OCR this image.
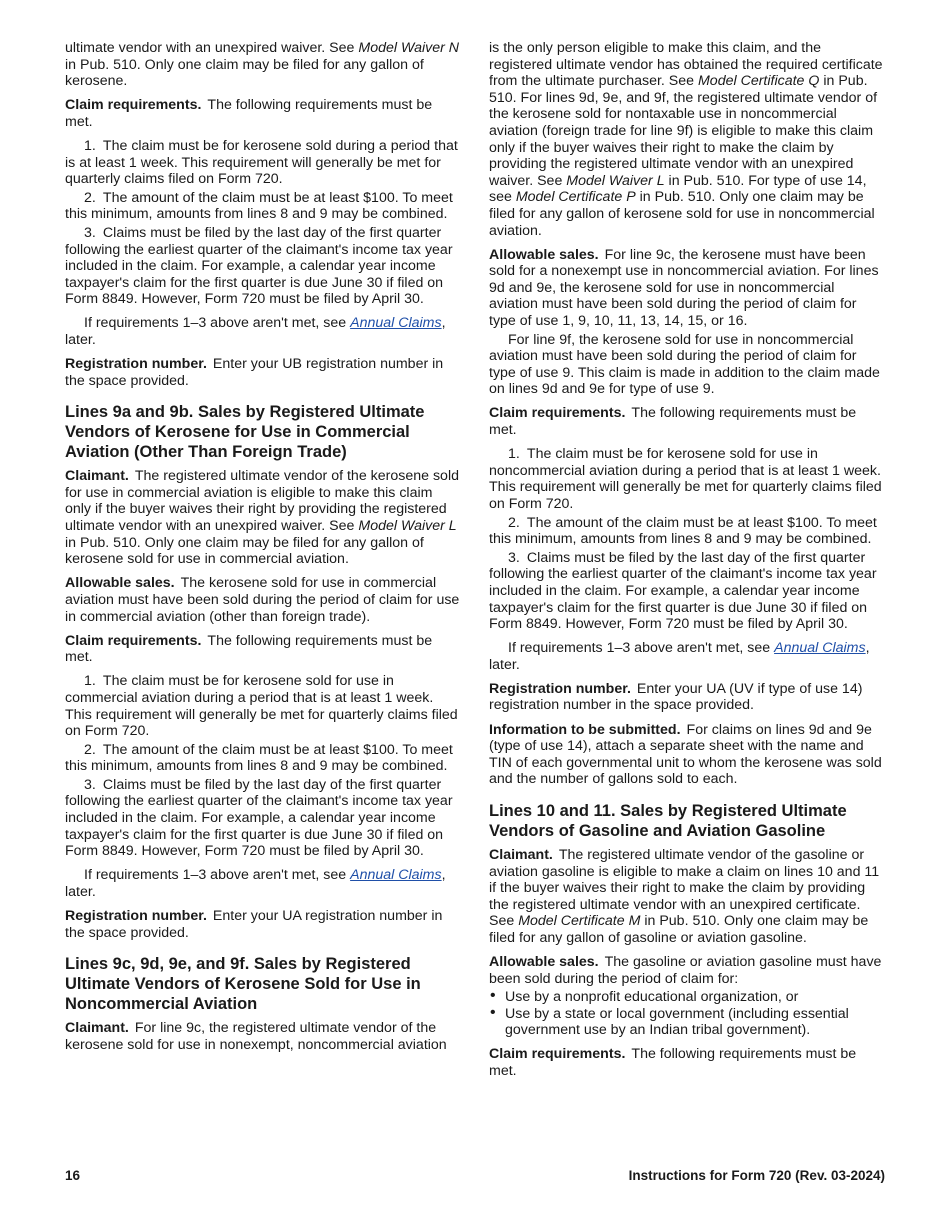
ultimate vendor with an unexpired waiver. See Model Waiver N in Pub. 510. Only one claim may be filed for any gallon of kerosene.

Claim requirements. The following requirements must be met.

1. The claim must be for kerosene sold during a period that is at least 1 week. This requirement will generally be met for quarterly claims filed on Form 720.

2. The amount of the claim must be at least $100. To meet this minimum, amounts from lines 8 and 9 may be combined.

3. Claims must be filed by the last day of the first quarter following the earliest quarter of the claimant's income tax year included in the claim. For example, a calendar year income taxpayer's claim for the first quarter is due June 30 if filed on Form 8849. However, Form 720 must be filed by April 30.

If requirements 1–3 above aren't met, see Annual Claims, later.

Registration number. Enter your UB registration number in the space provided.

Lines 9a and 9b. Sales by Registered Ultimate Vendors of Kerosene for Use in Commercial Aviation (Other Than Foreign Trade)

Claimant. The registered ultimate vendor of the kerosene sold for use in commercial aviation is eligible to make this claim only if the buyer waives their right by providing the registered ultimate vendor with an unexpired waiver. See Model Waiver L in Pub. 510. Only one claim may be filed for any gallon of kerosene sold for use in commercial aviation.

Allowable sales. The kerosene sold for use in commercial aviation must have been sold during the period of claim for use in commercial aviation (other than foreign trade).

Claim requirements. The following requirements must be met.

1. The claim must be for kerosene sold for use in commercial aviation during a period that is at least 1 week. This requirement will generally be met for quarterly claims filed on Form 720.

2. The amount of the claim must be at least $100. To meet this minimum, amounts from lines 8 and 9 may be combined.

3. Claims must be filed by the last day of the first quarter following the earliest quarter of the claimant's income tax year included in the claim. For example, a calendar year income taxpayer's claim for the first quarter is due June 30 if filed on Form 8849. However, Form 720 must be filed by April 30.

If requirements 1–3 above aren't met, see Annual Claims, later.

Registration number. Enter your UA registration number in the space provided.

Lines 9c, 9d, 9e, and 9f. Sales by Registered Ultimate Vendors of Kerosene Sold for Use in Noncommercial Aviation

Claimant. For line 9c, the registered ultimate vendor of the kerosene sold for use in nonexempt, noncommercial aviation

is the only person eligible to make this claim, and the registered ultimate vendor has obtained the required certificate from the ultimate purchaser. See Model Certificate Q in Pub. 510. For lines 9d, 9e, and 9f, the registered ultimate vendor of the kerosene sold for nontaxable use in noncommercial aviation (foreign trade for line 9f) is eligible to make this claim only if the buyer waives their right to make the claim by providing the registered ultimate vendor with an unexpired waiver. See Model Waiver L in Pub. 510. For type of use 14, see Model Certificate P in Pub. 510. Only one claim may be filed for any gallon of kerosene sold for use in noncommercial aviation.

Allowable sales. For line 9c, the kerosene must have been sold for a nonexempt use in noncommercial aviation. For lines 9d and 9e, the kerosene sold for use in noncommercial aviation must have been sold during the period of claim for type of use 1, 9, 10, 11, 13, 14, 15, or 16.

For line 9f, the kerosene sold for use in noncommercial aviation must have been sold during the period of claim for type of use 9. This claim is made in addition to the claim made on lines 9d and 9e for type of use 9.

Claim requirements. The following requirements must be met.

1. The claim must be for kerosene sold for use in noncommercial aviation during a period that is at least 1 week. This requirement will generally be met for quarterly claims filed on Form 720.

2. The amount of the claim must be at least $100. To meet this minimum, amounts from lines 8 and 9 may be combined.

3. Claims must be filed by the last day of the first quarter following the earliest quarter of the claimant's income tax year included in the claim. For example, a calendar year income taxpayer's claim for the first quarter is due June 30 if filed on Form 8849. However, Form 720 must be filed by April 30.

If requirements 1–3 above aren't met, see Annual Claims, later.

Registration number. Enter your UA (UV if type of use 14) registration number in the space provided.

Information to be submitted. For claims on lines 9d and 9e (type of use 14), attach a separate sheet with the name and TIN of each governmental unit to whom the kerosene was sold and the number of gallons sold to each.

Lines 10 and 11. Sales by Registered Ultimate Vendors of Gasoline and Aviation Gasoline

Claimant. The registered ultimate vendor of the gasoline or aviation gasoline is eligible to make a claim on lines 10 and 11 if the buyer waives their right to make the claim by providing the registered ultimate vendor with an unexpired certificate. See Model Certificate M in Pub. 510. Only one claim may be filed for any gallon of gasoline or aviation gasoline.

Allowable sales. The gasoline or aviation gasoline must have been sold during the period of claim for:

• Use by a nonprofit educational organization, or
• Use by a state or local government (including essential government use by an Indian tribal government).

Claim requirements. The following requirements must be met.

16	Instructions for Form 720 (Rev. 03-2024)
